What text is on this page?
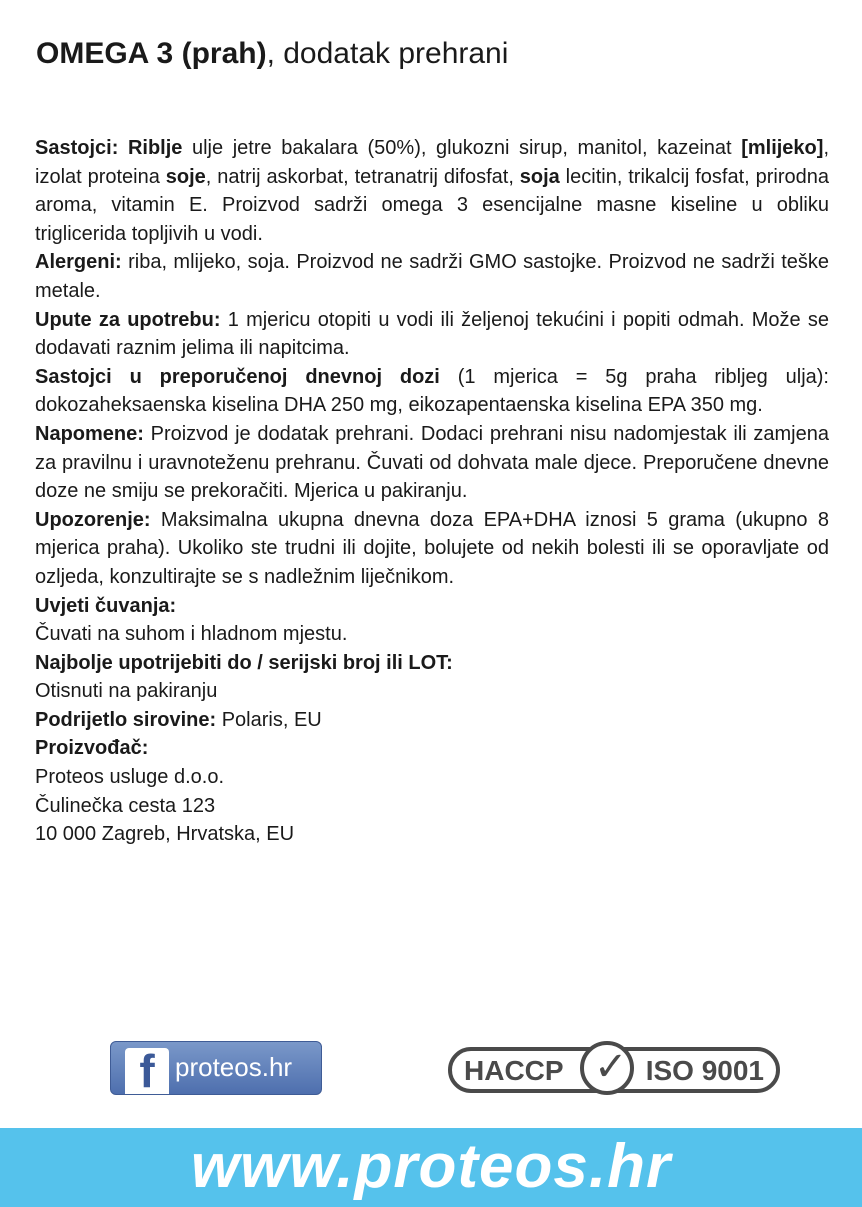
OMEGA 3 (prah), dodatak prehrani

Sastojci: Riblje ulje jetre bakalara (50%), glukozni sirup, manitol, kazeinat [mlijeko], izolat proteina soje, natrij askorbat, tetranatrij difosfat, soja lecitin, trikalcij fosfat, prirodna aroma, vitamin E. Proizvod sadrži omega 3 esencijalne masne kiseline u obliku triglicerida topljivih u vodi.

Alergeni: riba, mlijeko, soja. Proizvod ne sadrži GMO sastojke. Proizvod ne sadrži teške metale.

Upute za upotrebu: 1 mjericu otopiti u vodi ili željenoj tekućini i popiti odmah. Može se dodavati raznim jelima ili napitcima.

Sastojci u preporučenoj dnevnoj dozi (1 mjerica = 5g praha ribljeg ulja): dokozaheksaenska kiselina DHA 250 mg, eikozapentaenska kiselina EPA 350 mg.

Napomene: Proizvod je dodatak prehrani. Dodaci prehrani nisu nadomjestak ili zamjena za pravilnu i uravnoteženu prehranu. Čuvati od dohvata male djece. Preporučene dnevne doze ne smiju se prekoračiti. Mjerica u pakiranju.

Upozorenje: Maksimalna ukupna dnevna doza EPA+DHA iznosi 5 grama (ukupno 8 mjerica praha). Ukoliko ste trudni ili dojite, bolujete od nekih bolesti ili se oporavljate od ozljeda, konzultirajte se s nadležnim liječnikom.

Uvjeti čuvanja:

Čuvati na suhom i hladnom mjestu.

Najbolje upotrijebiti do / serijski broj ili LOT:

Otisnuti na pakiranju

Podrijetlo sirovine: Polaris, EU

Proizvođač:

Proteos usluge d.o.o.

Čulinečka cesta 123

10 000 Zagreb, Hrvatska, EU

f proteos.hr	HACCP ✓ ISO 9001
www.proteos.hr
